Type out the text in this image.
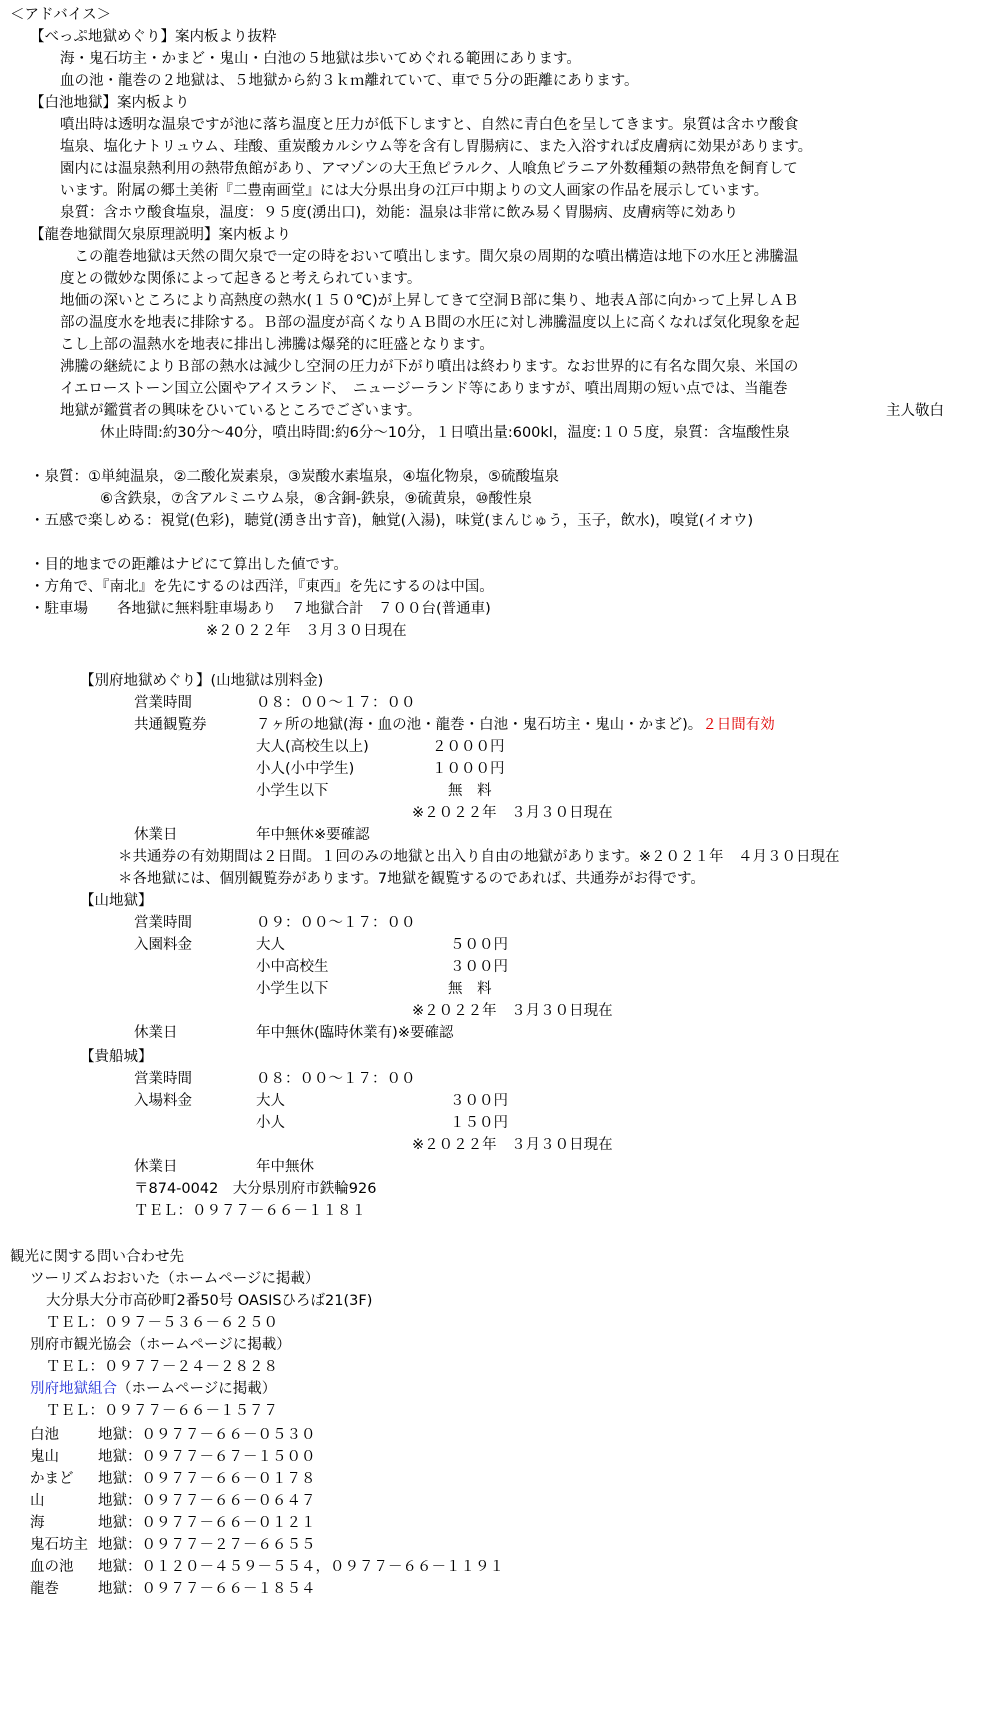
＜アドバイス＞
【べっぷ地獄めぐり】案内板より抜粋
海・鬼石坊主・かまど・鬼山・白池の５地獄は歩いてめぐれる範囲にあります。
血の池・龍巻の２地獄は、５地獄から約３ｋｍ離れていて、車で５分の距離にあります。
【白池地獄】案内板より
噴出時は透明な温泉ですが池に落ち温度と圧力が低下しますと、自然に青白色を呈してきます。泉質は含ホウ酸食
塩泉、塩化ナトリュウム、珪酸、重炭酸カルシウム等を含有し胃腸病に、また入浴すれば皮膚病に効果があります。
園内には温泉熱利用の熱帯魚館があり、アマゾンの大王魚ピラルク、人喰魚ピラニア外数種類の熱帯魚を飼育して
います。附属の郷土美術『二豊南画堂』には大分県出身の江戸中期よりの文人画家の作品を展示しています。
泉質：含ホウ酸食塩泉，温度：９５度(湧出口)，効能：温泉は非常に飲み易く胃腸病、皮膚病等に効あり
【龍巻地獄間欠泉原理説明】案内板より
　この龍巻地獄は天然の間欠泉で一定の時をおいて噴出します。間欠泉の周期的な噴出構造は地下の水圧と沸騰温
度との微妙な関係によって起きると考えられています。
地価の深いところにより高熱度の熱水(１５０℃)が上昇してきて空洞Ｂ部に集り、地表Ａ部に向かって上昇しＡＢ
部の温度水を地表に排除する。Ｂ部の温度が高くなりＡＢ間の水圧に対し沸騰温度以上に高くなれば気化現象を起
こし上部の温熱水を地表に排出し沸騰は爆発的に旺盛となります。
沸騰の継続によりＢ部の熱水は減少し空洞の圧力が下がり噴出は終わります。なお世界的に有名な間欠泉、米国の
イエローストーン国立公園やアイスランド、　ニュージーランド等にありますが、噴出周期の短い点では、当龍巻
地獄が鑑賞者の興味をひいているところでございます。	主人敬白
休止時間:約30分～40分，噴出時間:約6分～10分，１日噴出量:600kl，温度:１０５度，泉質：含塩酸性泉
・泉質：①単純温泉，②二酸化炭素泉，③炭酸水素塩泉，④塩化物泉，⑤硫酸塩泉
⑥含鉄泉，⑦含アルミニウム泉，⑧含銅-鉄泉，⑨硫黄泉，⑩酸性泉
・五感で楽しめる：視覚(色彩)，聴覚(湧き出す音)，触覚(入湯)，味覚(まんじゅう，玉子，飲水)，嗅覚(イオウ)
・目的地までの距離はナビにて算出した値です。
・方角で、『南北』を先にするのは西洋，『東西』を先にするのは中国。
・駐車場　　各地獄に無料駐車場あり　７地獄合計　７００台(普通車)
※２０２２年　３月３０日現在
【別府地獄めぐり】(山地獄は別料金)
営業時間	０８：００～１７：００
共通観覧券	７ヶ所の地獄(海・血の池・龍巻・白池・鬼石坊主・鬼山・かまど)。２日間有効
大人(高校生以上)	２０００円
小人(小中学生)	１０００円
小学生以下	無　料
※２０２２年　３月３０日現在
休業日	年中無休※要確認
＊共通券の有効期間は２日間。１回のみの地獄と出入り自由の地獄があります。※２０２１年　４月３０日現在
＊各地獄には、個別観覧券があります。7地獄を観覧するのであれば、共通券がお得です。
【山地獄】
営業時間	０９：００～１７：００
入園料金	大人	５００円
小中高校生	３００円
小学生以下	無　料
※２０２２年　３月３０日現在
休業日	年中無休(臨時休業有)※要確認
【貴船城】
営業時間	０８：００～１７：００
入場料金	大人	３００円
小人	１５０円
※２０２２年　３月３０日現在
休業日	年中無休
〒874-0042　大分県別府市鉄輪926
ＴＥＬ：０９７７－６６－１１８１
観光に関する問い合わせ先
ツーリズムおおいた（ホームページに掲載）
大分県大分市高砂町2番50号 OASISひろば21(3F)
ＴＥＬ：０９７－５３６－６２５０
別府市観光協会（ホームページに掲載）
ＴＥＬ：０９７７－２４－２８２８
別府地獄組合（ホームページに掲載）
ＴＥＬ：０９７７－６６－１５７７
白池	地獄：０９７７－６６－０５３０
鬼山	地獄：０９７７－６７－１５００
かまど 地獄：０９７７－６６－０１７８
山	地獄：０９７７－６６－０６４７
海	地獄：０９７７－６６－０１２１
鬼石坊主 地獄：０９７７－２７－６６５５
血の池 地獄：０１２０－４５９－５５４，０９７７－６６－１１９１
龍巻	地獄：０９７７－６６－１８５４
